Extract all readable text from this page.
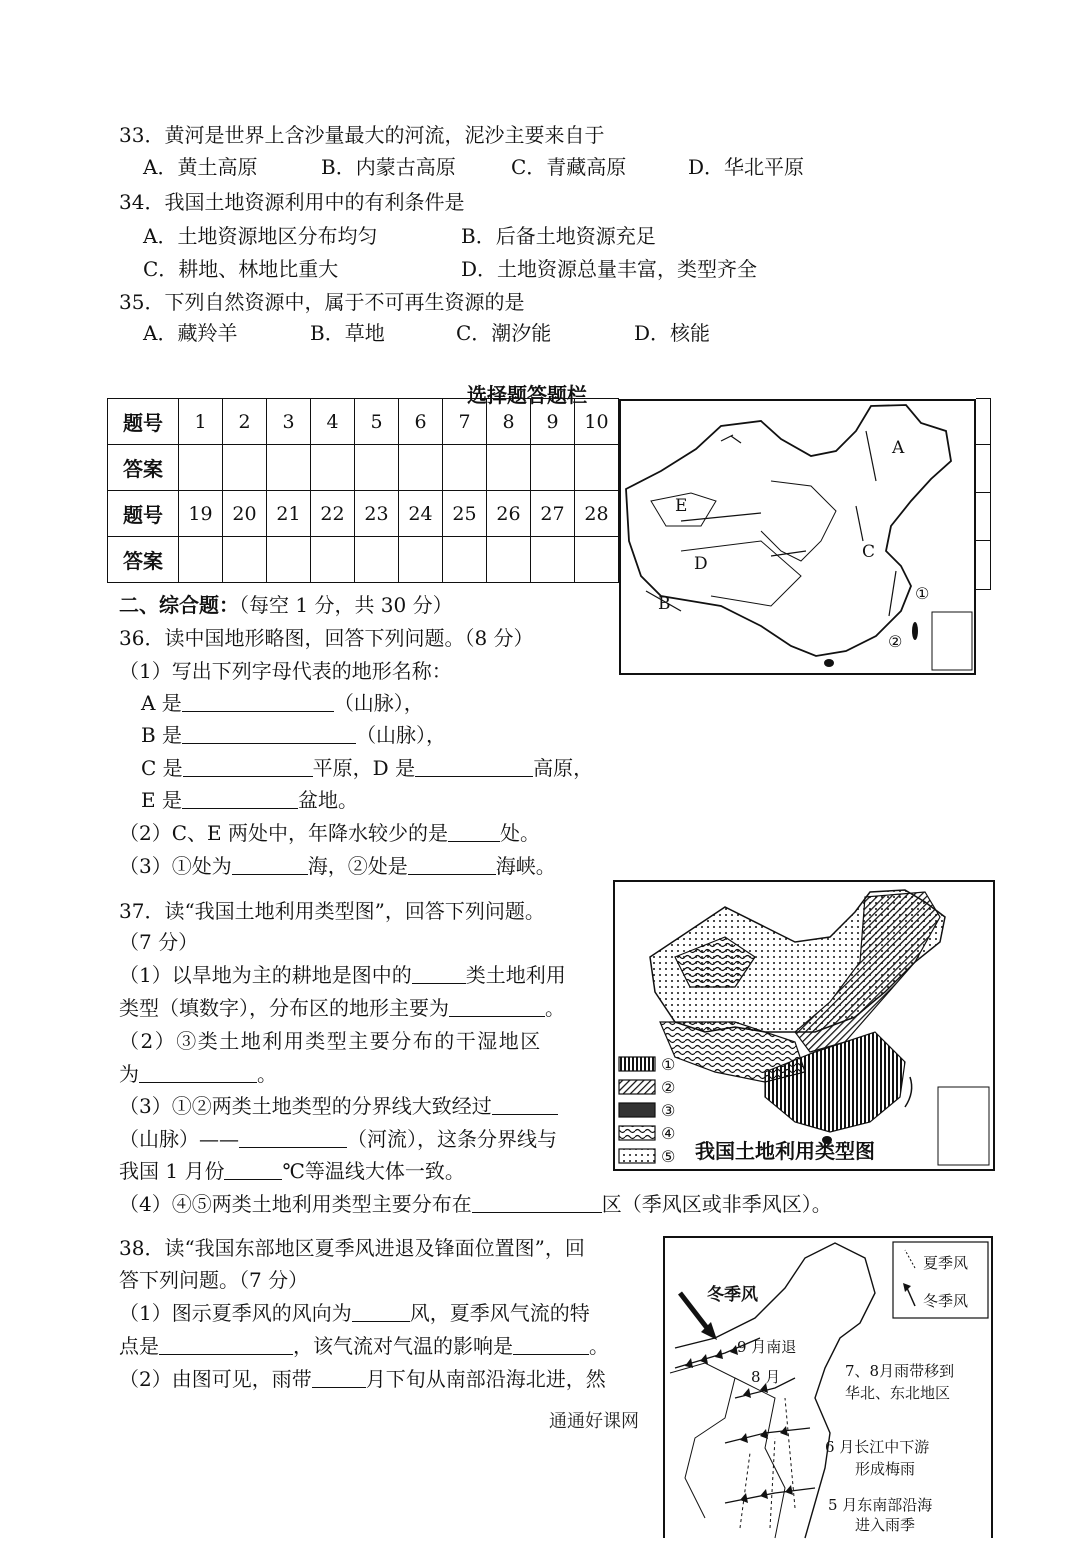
33．黄河是世界上含沙量最大的河流，泥沙主要来自于
A．黄土高原	B．内蒙古高原	C．青藏高原	D．华北平原
34．我国土地资源利用中的有利条件是
A．土地资源地区分布均匀	B．后备土地资源充足
C．耕地、林地比重大	D．土地资源总量丰富，类型齐全
35．下列自然资源中，属于不可再生资源的是
A．藏羚羊	B．草地	C．潮汐能	D．核能
选择题答题栏
题号	1	2	3	4	5	6	7	8	9	10
答案										
题号	19	20	21	22	23	24	25	26	27	28
答案										
A
B
C
D
E
①
②
二、综合题：（每空 1 分，共 30 分）
36．读中国地形略图，回答下列问题。（8 分）
（1）写出下列字母代表的地形名称：
A 是	（山脉），
B 是	（山脉），
C 是	平原，D 是	高原，
E 是	盆地。
（2）C、E 两处中，年降水较少的是	处。
（3）①处为	海，②处是	海峡。
①
②
③
④
⑤ 我国土地利用类型图
37．读“我国土地利用类型图”，回答下列问题。
（7 分）
（1）以旱地为主的耕地是图中的	类土地利用
类型（填数字），分布区的地形主要为	。
（2）③类土地利用类型主要分布的干湿地区
为	。
（3）①②两类土地类型的分界线大致经过
（山脉）——	（河流），这条分界线与
我国 1 月份	℃等温线大体一致。
（4）④⑤两类土地利用类型主要分布在	区（季风区或非季风区）。
夏季风
冬季风
冬季风
9 月南退
8 月	7、8月雨带移到
华北、东北地区
6 月长江中下游
形成梅雨
5 月东南部沿海
进入雨季
38．读“我国东部地区夏季风进退及锋面位置图”，回
答下列问题。（7 分）
（1）图示夏季风的风向为	风，夏季风气流的特
点是	，该气流对气温的影响是	。
（2）由图可见，雨带	月下旬从南部沿海北进，然
通通好课网
